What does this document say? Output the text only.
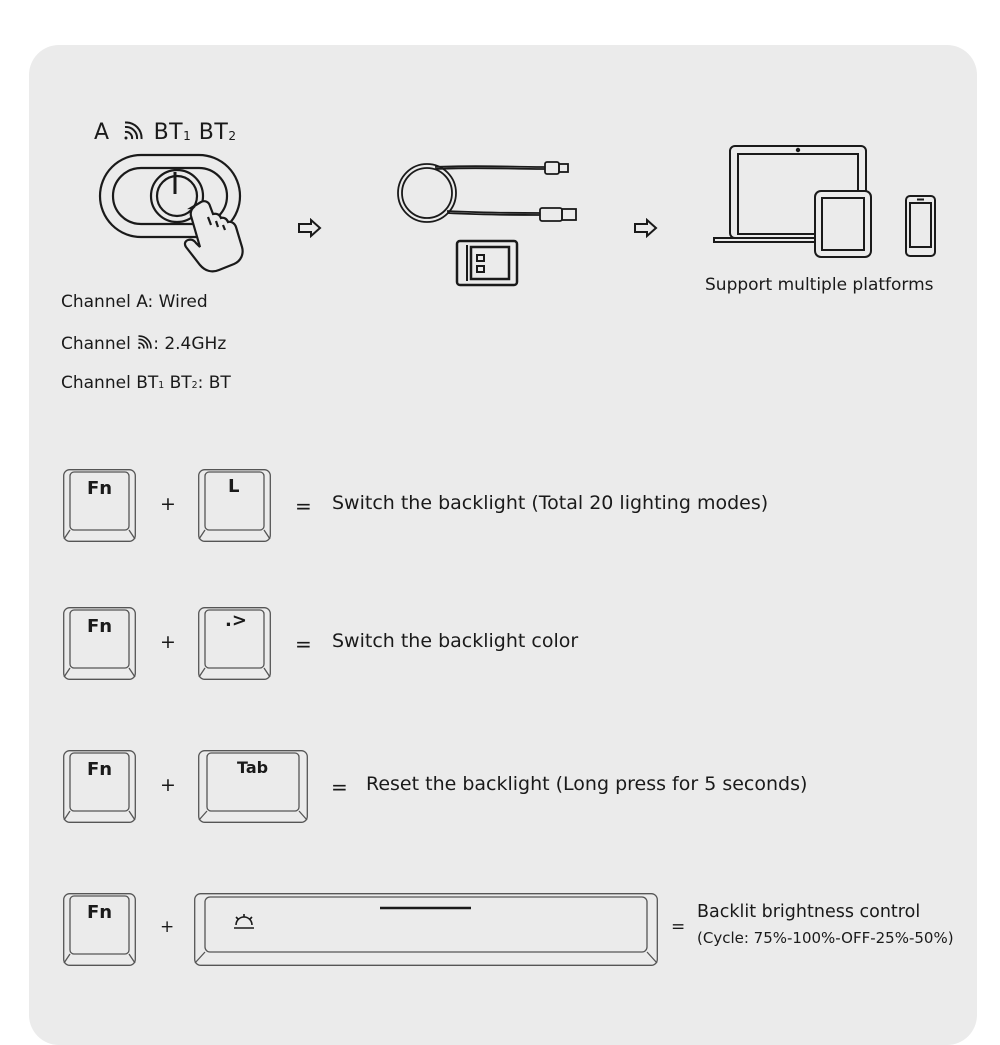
A $BT_1$ $BT_2$
Channel A: Wired
Channel : 2.4GHz
Channel $BT_1$ $BT_2$: BT
Support multiple platforms
Fn
+
L
= Switch the backlight (Total 20 lighting modes)
Fn
+
.>
= Switch the backlight color
Fn
+
Tab
= Reset the backlight (Long press for 5 seconds)
Fn
+	=
Backlit brightness control
(Cycle: 75%-100%-OFF-25%-50%)
